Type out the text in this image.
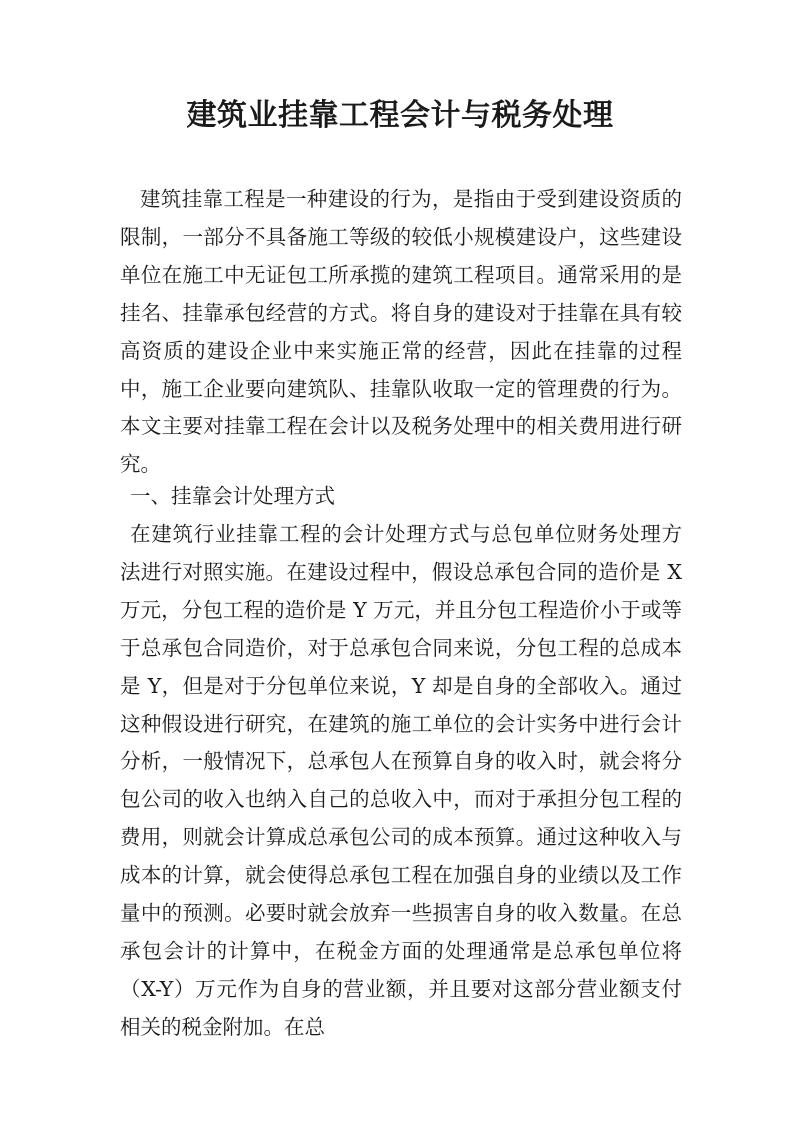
建筑业挂靠工程会计与税务处理

建筑挂靠工程是一种建设的行为，是指由于受到建设资质的限制，一部分不具备施工等级的较低小规模建设户，这些建设单位在施工中无证包工所承揽的建筑工程项目。通常采用的是挂名、挂靠承包经营的方式。将自身的建设对于挂靠在具有较高资质的建设企业中来实施正常的经营，因此在挂靠的过程中，施工企业要向建筑队、挂靠队收取一定的管理费的行为。本文主要对挂靠工程在会计以及税务处理中的相关费用进行研究。

一、挂靠会计处理方式

在建筑行业挂靠工程的会计处理方式与总包单位财务处理方法进行对照实施。在建设过程中，假设总承包合同的造价是 X 万元，分包工程的造价是 Y 万元，并且分包工程造价小于或等于总承包合同造价，对于总承包合同来说，分包工程的总成本是 Y，但是对于分包单位来说，Y 却是自身的全部收入。通过这种假设进行研究，在建筑的施工单位的会计实务中进行会计分析，一般情况下，总承包人在预算自身的收入时，就会将分包公司的收入也纳入自己的总收入中，而对于承担分包工程的费用，则就会计算成总承包公司的成本预算。通过这种收入与成本的计算，就会使得总承包工程在加强自身的业绩以及工作量中的预测。必要时就会放弃一些损害自身的收入数量。在总承包会计的计算中，在税金方面的处理通常是总承包单位将（X-Y）万元作为自身的营业额，并且要对这部分营业额支付相关的税金附加。在总
